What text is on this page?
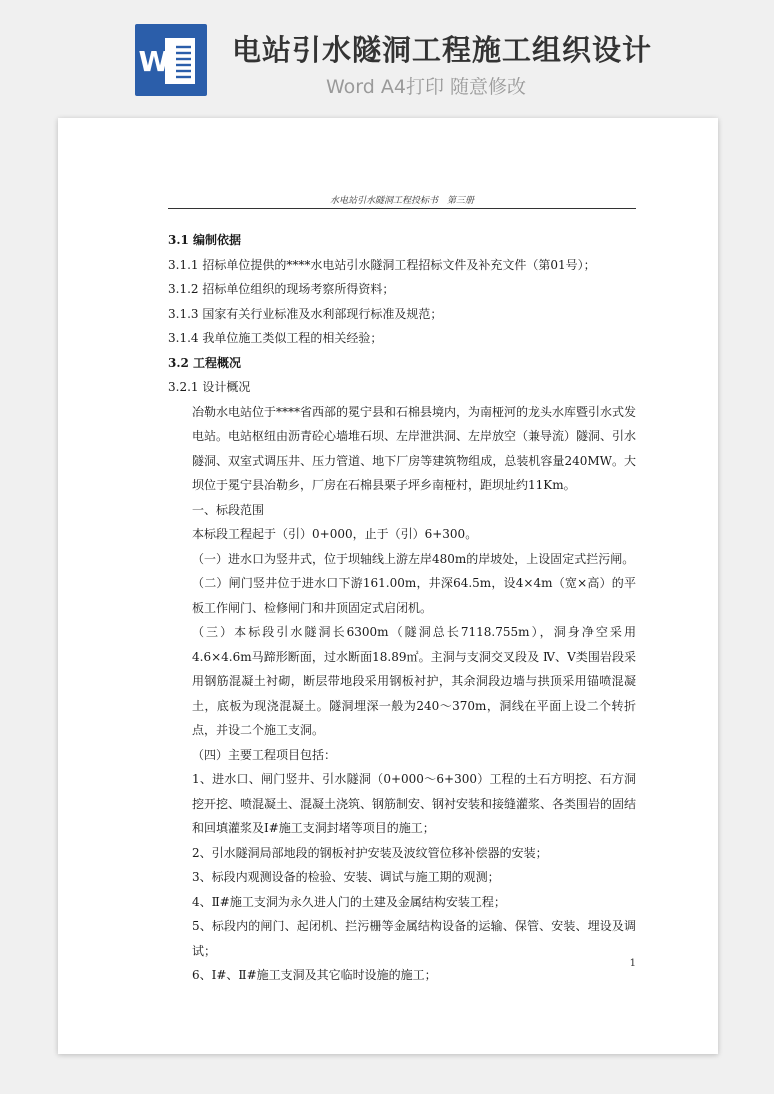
W 电站引水隧洞工程施工组织设计
Word A4打印 随意修改
水电站引水隧洞工程投标书　第三册

3.1 编制依据

3.1.1 招标单位提供的****水电站引水隧洞工程招标文件及补充文件（第01号）；

3.1.2 招标单位组织的现场考察所得资料；

3.1.3 国家有关行业标准及水利部现行标准及规范；

3.1.4 我单位施工类似工程的相关经验；

3.2 工程概况

3.2.1 设计概况

冶勒水电站位于****省西部的冕宁县和石棉县境内，为南桠河的龙头水库暨引水式发电站。电站枢纽由沥青砼心墙堆石坝、左岸泄洪洞、左岸放空（兼导流）隧洞、引水隧洞、双室式调压井、压力管道、地下厂房等建筑物组成，总装机容量240MW。大坝位于冕宁县冶勒乡，厂房在石棉县栗子坪乡南桠村，距坝址约11Km。

一、标段范围

本标段工程起于（引）0+000，止于（引）6+300。

（一）进水口为竖井式，位于坝轴线上游左岸480m的岸坡处，上设固定式拦污闸。

（二）闸门竖井位于进水口下游161.00m，井深64.5m，设4×4m（宽×高）的平板工作闸门、检修闸门和井顶固定式启闭机。

（三）本标段引水隧洞长6300m（隧洞总长7118.755m），洞身净空采用4.6×4.6m马蹄形断面，过水断面18.89㎡。主洞与支洞交叉段及 Ⅳ、Ⅴ类围岩段采用钢筋混凝土衬砌，断层带地段采用钢板衬护，其余洞段边墙与拱顶采用锚喷混凝土，底板为现浇混凝土。隧洞埋深一般为240～370m，洞线在平面上设二个转折点，并设二个施工支洞。

（四）主要工程项目包括：

1、进水口、闸门竖井、引水隧洞（0+000～6+300）工程的土石方明挖、石方洞挖开挖、喷混凝土、混凝土浇筑、钢筋制安、钢衬安装和接缝灌浆、各类围岩的固结和回填灌浆及Ⅰ#施工支洞封堵等项目的施工；

2、引水隧洞局部地段的钢板衬护安装及波纹管位移补偿器的安装；

3、标段内观测设备的检验、安装、调试与施工期的观测；

4、Ⅱ#施工支洞为永久进人门的土建及金属结构安装工程；

5、标段内的闸门、起闭机、拦污栅等金属结构设备的运输、保管、安装、埋设及调试；

6、Ⅰ#、Ⅱ#施工支洞及其它临时设施的施工；

1
